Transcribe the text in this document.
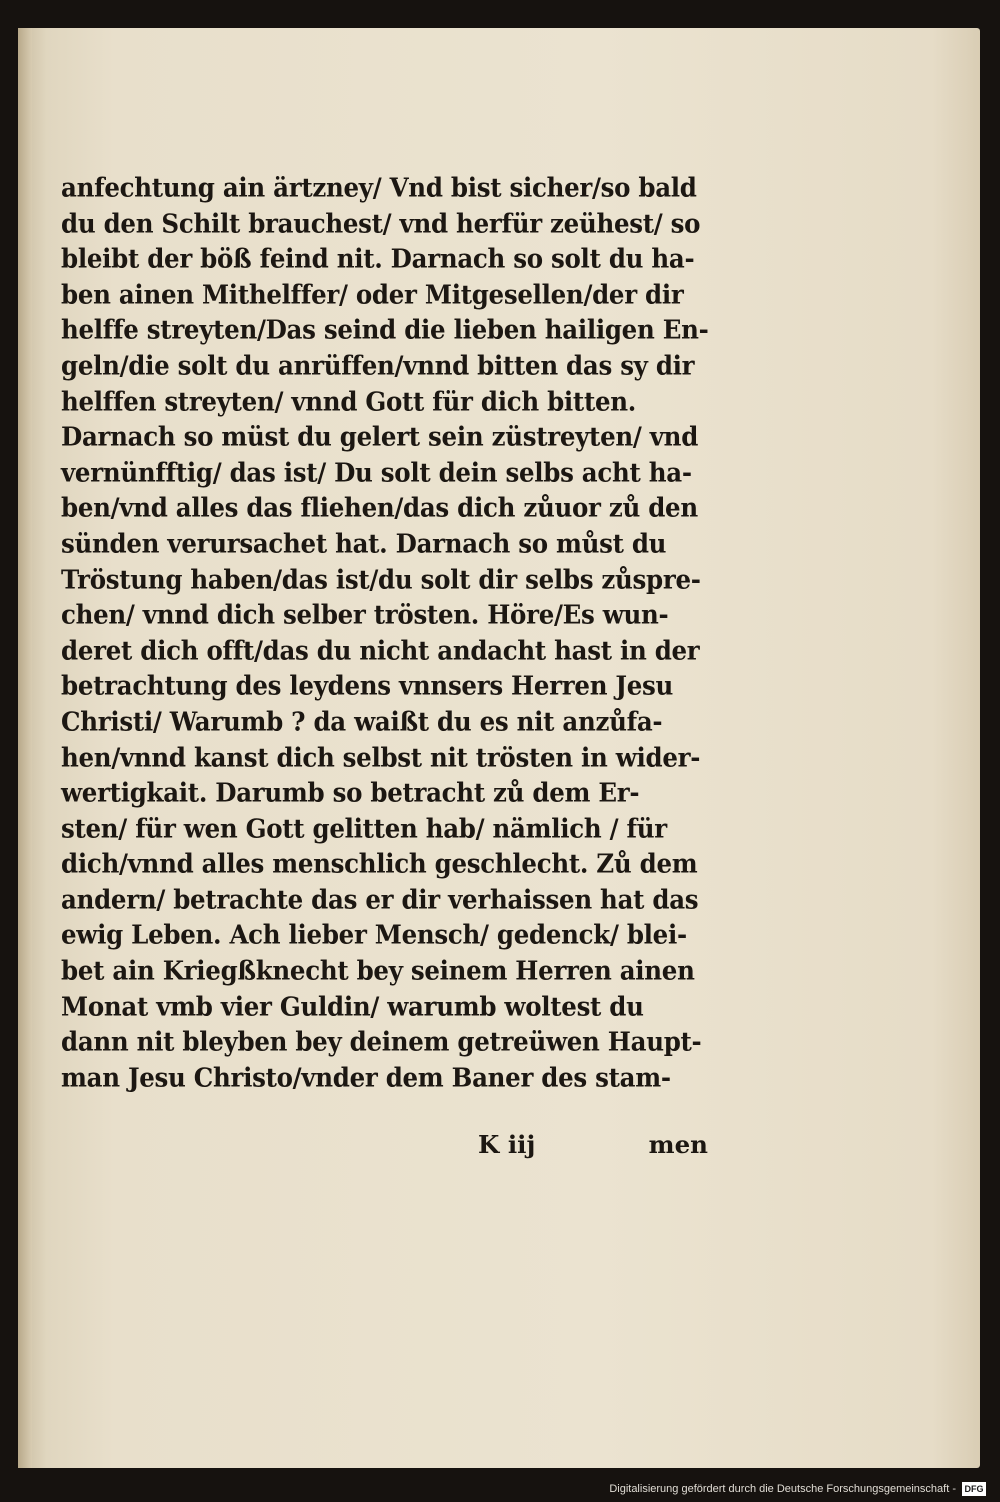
anfechtung ain ärtzney/ Vnd bist sicher/so bald
du den Schilt brauchest/ vnd herfür zeühest/ so
bleibt der böß feind nit. Darnach so solt du ha-
ben ainen Mithelffer/ oder Mitgesellen/der dir
helffe streyten/Das seind die lieben hailigen En-
geln/die solt du anrüffen/vnnd bitten das sy dir
helffen streyten/ vnnd Gott für dich bitten.
Darnach so müst du gelert sein züstreyten/ vnd
vernünfftig/ das ist/ Du solt dein selbs acht ha-
ben/vnd alles das fliehen/das dich zůuor zů den
sünden verursachet hat. Darnach so můst du
Tröstung haben/das ist/du solt dir selbs zůspre-
chen/ vnnd dich selber trösten. Höre/Es wun-
deret dich offt/das du nicht andacht hast in der
betrachtung des leydens vnnsers Herren Jesu
Christi/ Warumb ? da waißt du es nit anzůfa-
hen/vnnd kanst dich selbst nit trösten in wider-
wertigkait. Darumb so betracht zů dem Er-
sten/ für wen Gott gelitten hab/ nämlich / für
dich/vnnd alles menschlich geschlecht. Zů dem
andern/ betrachte das er dir verhaissen hat das
ewig Leben. Ach lieber Mensch/ gedenck/ blei-
bet ain Kriegßknecht bey seinem Herren ainen
Monat vmb vier Guldin/ warumb woltest du
dann nit bleyben bey deinem getreüwen Haupt-
man Jesu Christo/vnder dem Baner des stam-
K iij	men
Digitalisierung gefördert durch die Deutsche Forschungsgemeinschaft - DFG
